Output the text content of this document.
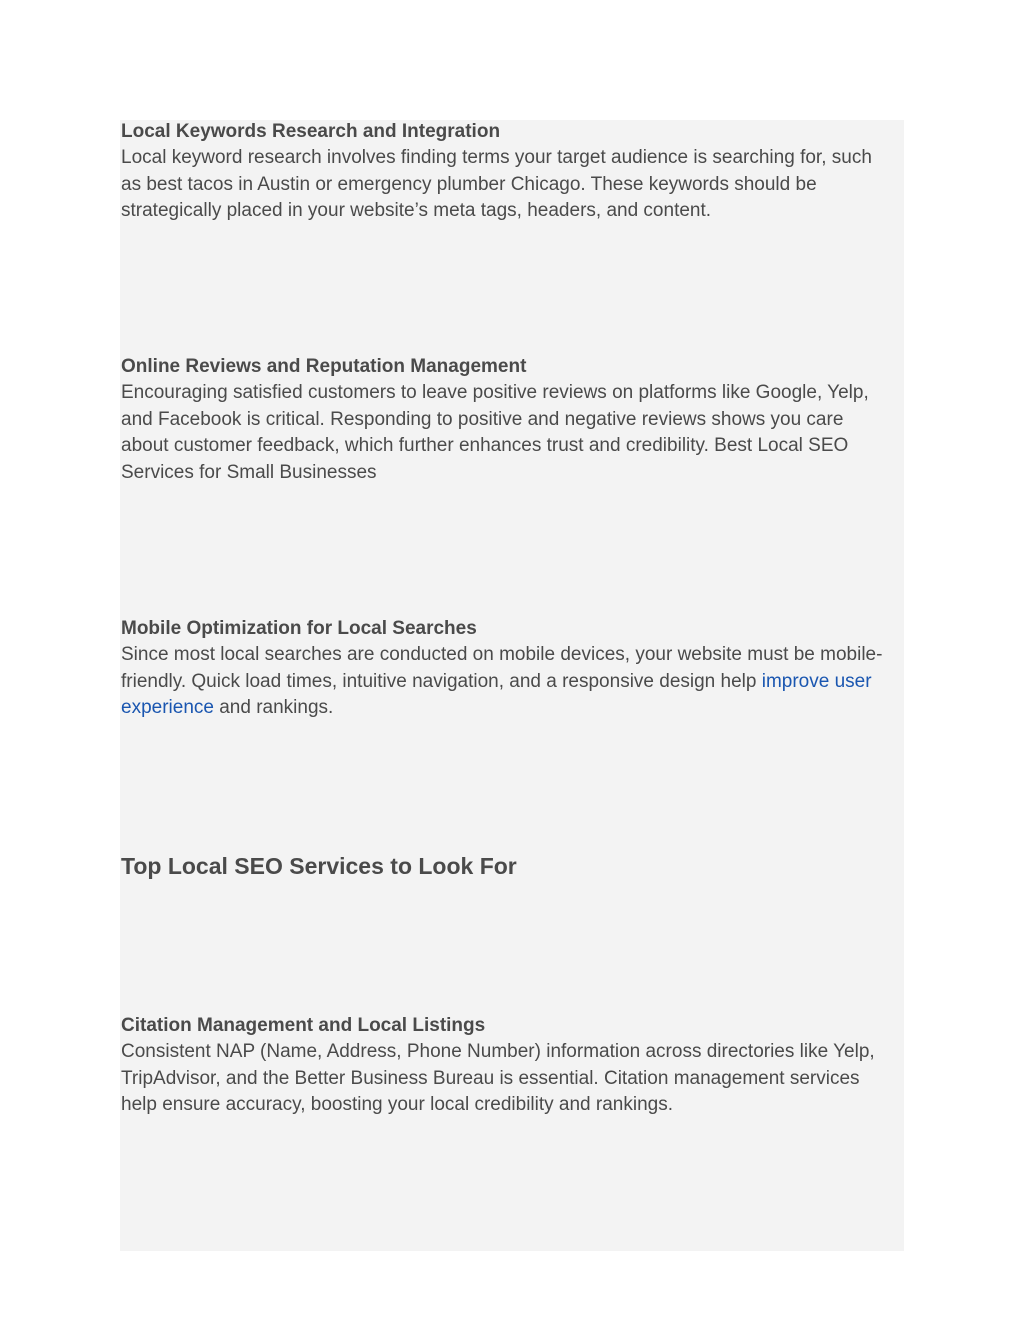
Local Keywords Research and Integration

Local keyword research involves finding terms your target audience is searching for, such as best tacos in Austin or emergency plumber Chicago. These keywords should be strategically placed in your website’s meta tags, headers, and content.

Online Reviews and Reputation Management

Encouraging satisfied customers to leave positive reviews on platforms like Google, Yelp, and Facebook is critical. Responding to positive and negative reviews shows you care about customer feedback, which further enhances trust and credibility. Best Local SEO Services for Small Businesses

Mobile Optimization for Local Searches

Since most local searches are conducted on mobile devices, your website must be mobile-friendly. Quick load times, intuitive navigation, and a responsive design help improve user experience and rankings.

Top Local SEO Services to Look For

Citation Management and Local Listings

Consistent NAP (Name, Address, Phone Number) information across directories like Yelp, TripAdvisor, and the Better Business Bureau is essential. Citation management services help ensure accuracy, boosting your local credibility and rankings.
